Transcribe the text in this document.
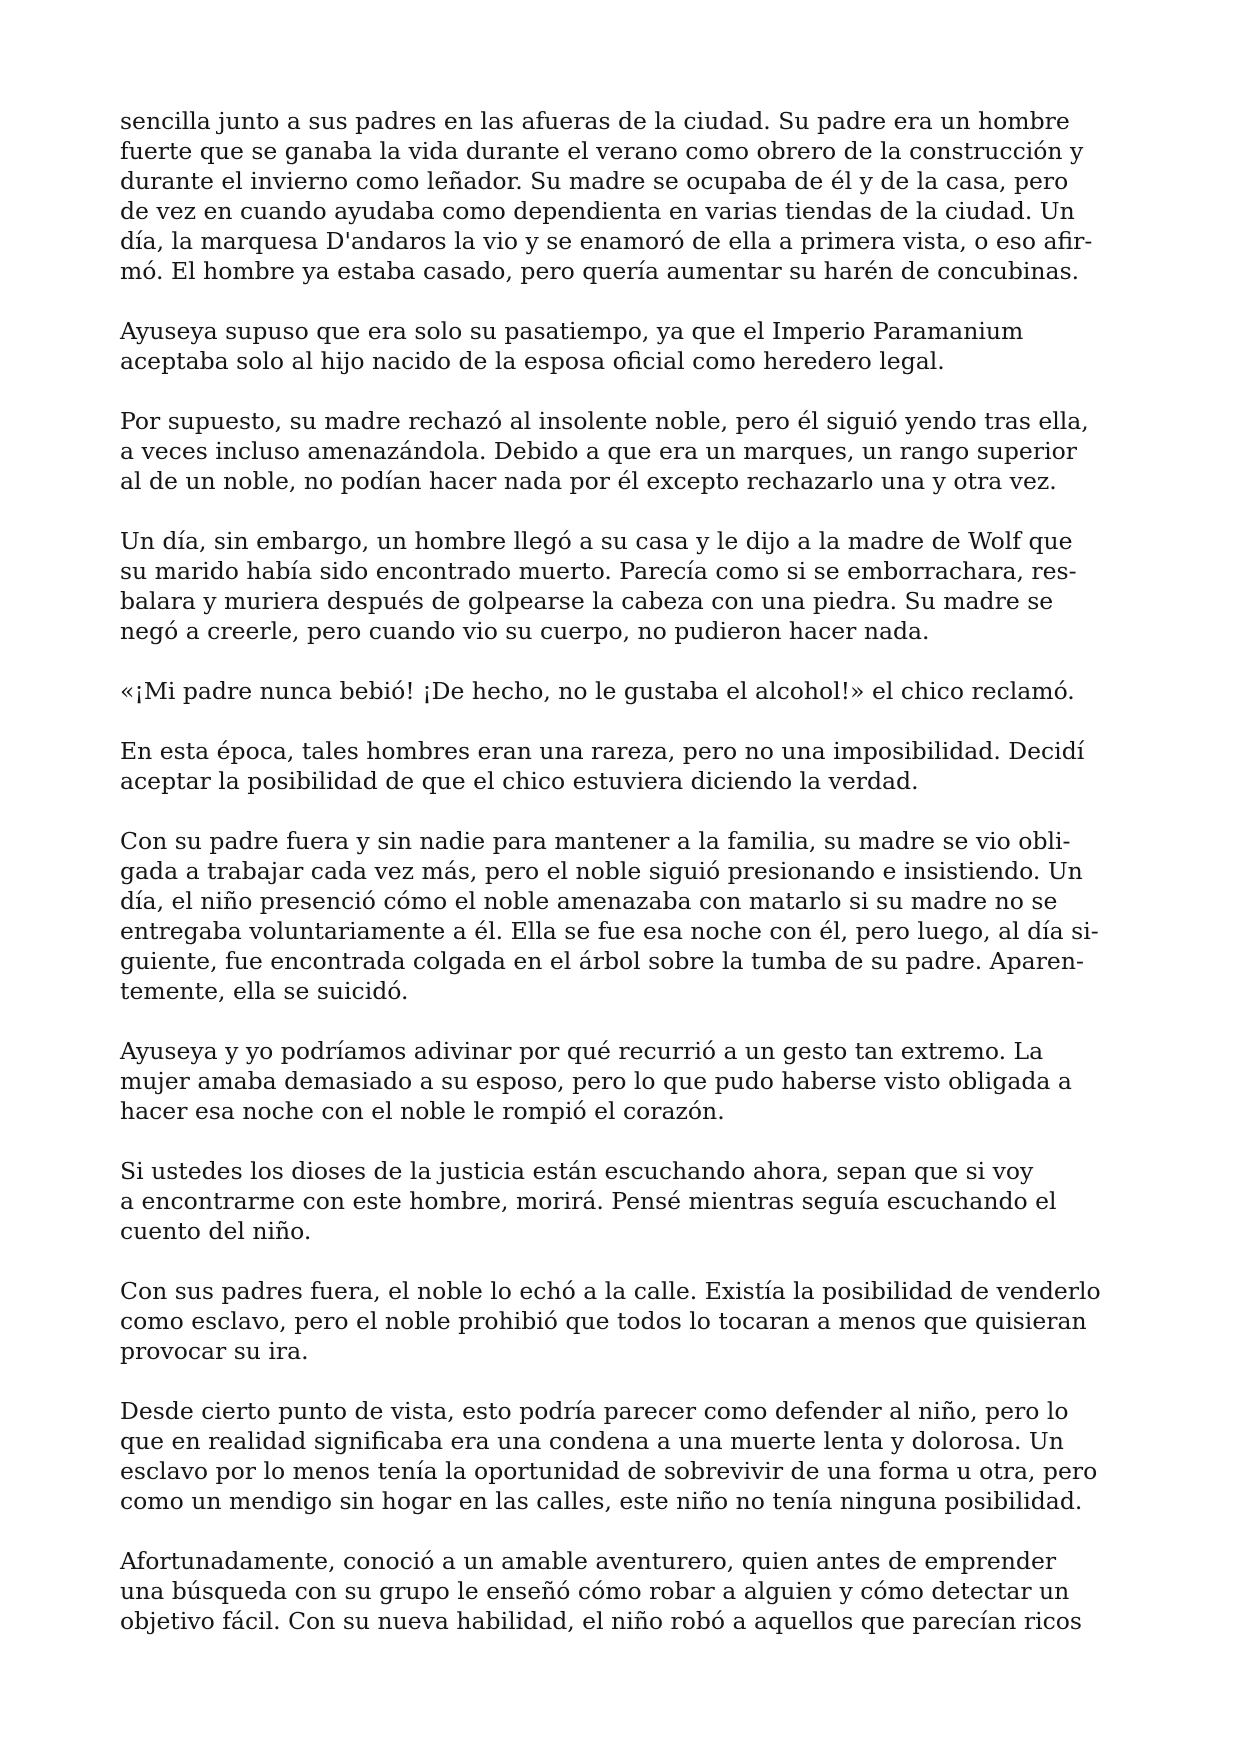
sencilla junto a sus padres en las afueras de la ciudad. Su padre era un hombre
fuerte que se ganaba la vida durante el verano como obrero de la construcción y
durante el invierno como leñador. Su madre se ocupaba de él y de la casa, pero
de vez en cuando ayudaba como dependienta en varias tiendas de la ciudad. Un
día, la marquesa D'andaros la vio y se enamoró de ella a primera vista, o eso afir-
mó. El hombre ya estaba casado, pero quería aumentar su harén de concubinas.

Ayuseya supuso que era solo su pasatiempo, ya que el Imperio Paramanium
aceptaba solo al hijo nacido de la esposa oficial como heredero legal.

Por supuesto, su madre rechazó al insolente noble, pero él siguió yendo tras ella,
a veces incluso amenazándola. Debido a que era un marques, un rango superior
al de un noble, no podían hacer nada por él excepto rechazarlo una y otra vez.

Un día, sin embargo, un hombre llegó a su casa y le dijo a la madre de Wolf que
su marido había sido encontrado muerto. Parecía como si se emborrachara, res-
balara y muriera después de golpearse la cabeza con una piedra. Su madre se
negó a creerle, pero cuando vio su cuerpo, no pudieron hacer nada.

«¡Mi padre nunca bebió! ¡De hecho, no le gustaba el alcohol!» el chico reclamó.

En esta época, tales hombres eran una rareza, pero no una imposibilidad. Decidí
aceptar la posibilidad de que el chico estuviera diciendo la verdad.

Con su padre fuera y sin nadie para mantener a la familia, su madre se vio obli-
gada a trabajar cada vez más, pero el noble siguió presionando e insistiendo. Un
día, el niño presenció cómo el noble amenazaba con matarlo si su madre no se
entregaba voluntariamente a él. Ella se fue esa noche con él, pero luego, al día si-
guiente, fue encontrada colgada en el árbol sobre la tumba de su padre. Aparen-
temente, ella se suicidó.

Ayuseya y yo podríamos adivinar por qué recurrió a un gesto tan extremo. La
mujer amaba demasiado a su esposo, pero lo que pudo haberse visto obligada a
hacer esa noche con el noble le rompió el corazón.

Si ustedes los dioses de la justicia están escuchando ahora, sepan que si voy
a encontrarme con este hombre, morirá. Pensé mientras seguía escuchando el
cuento del niño.

Con sus padres fuera, el noble lo echó a la calle. Existía la posibilidad de venderlo
como esclavo, pero el noble prohibió que todos lo tocaran a menos que quisieran
provocar su ira.

Desde cierto punto de vista, esto podría parecer como defender al niño, pero lo
que en realidad significaba era una condena a una muerte lenta y dolorosa. Un
esclavo por lo menos tenía la oportunidad de sobrevivir de una forma u otra, pero
como un mendigo sin hogar en las calles, este niño no tenía ninguna posibilidad.

Afortunadamente, conoció a un amable aventurero, quien antes de emprender
una búsqueda con su grupo le enseñó cómo robar a alguien y cómo detectar un
objetivo fácil. Con su nueva habilidad, el niño robó a aquellos que parecían ricos
